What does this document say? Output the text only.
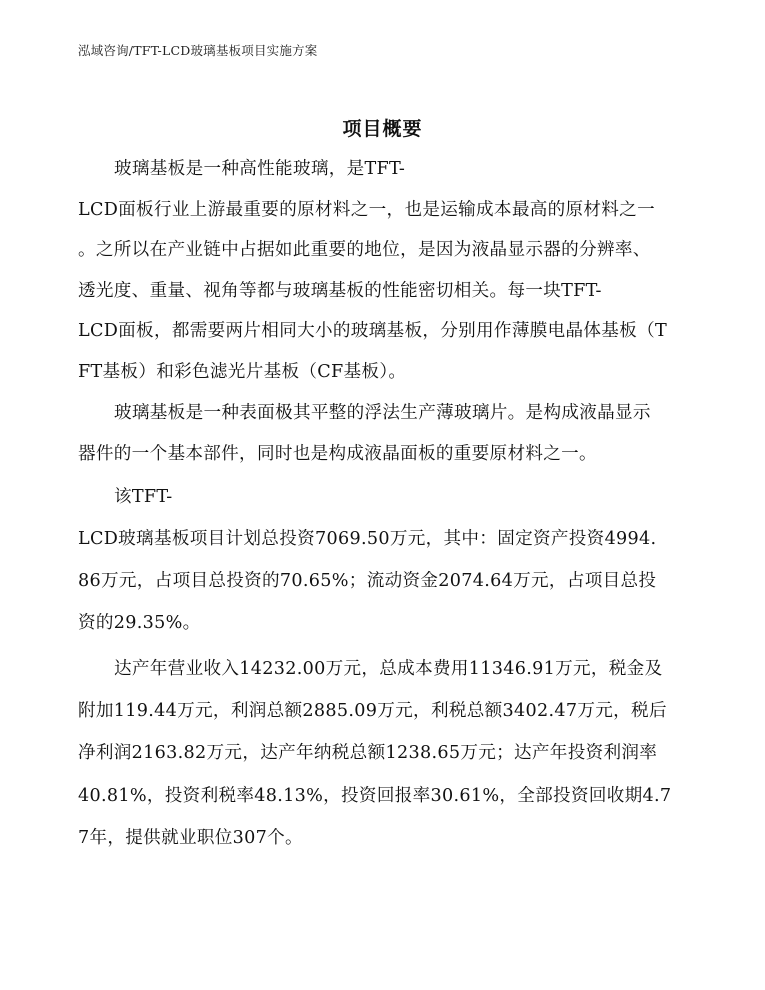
泓域咨询/TFT-LCD玻璃基板项目实施方案
项目概要
玻璃基板是一种高性能玻璃，是TFT-
LCD面板行业上游最重要的原材料之一，也是运输成本最高的原材料之一
。之所以在产业链中占据如此重要的地位，是因为液晶显示器的分辨率、
透光度、重量、视角等都与玻璃基板的性能密切相关。每一块TFT-
LCD面板，都需要两片相同大小的玻璃基板，分别用作薄膜电晶体基板（T
FT基板）和彩色滤光片基板（CF基板）。
玻璃基板是一种表面极其平整的浮法生产薄玻璃片。是构成液晶显示
器件的一个基本部件，同时也是构成液晶面板的重要原材料之一。
该TFT-
LCD玻璃基板项目计划总投资7069.50万元，其中：固定资产投资4994.
86万元，占项目总投资的70.65%；流动资金2074.64万元，占项目总投
资的29.35%。
达产年营业收入14232.00万元，总成本费用11346.91万元，税金及
附加119.44万元，利润总额2885.09万元，利税总额3402.47万元，税后
净利润2163.82万元，达产年纳税总额1238.65万元；达产年投资利润率
40.81%，投资利税率48.13%，投资回报率30.61%，全部投资回收期4.7
7年，提供就业职位307个。
